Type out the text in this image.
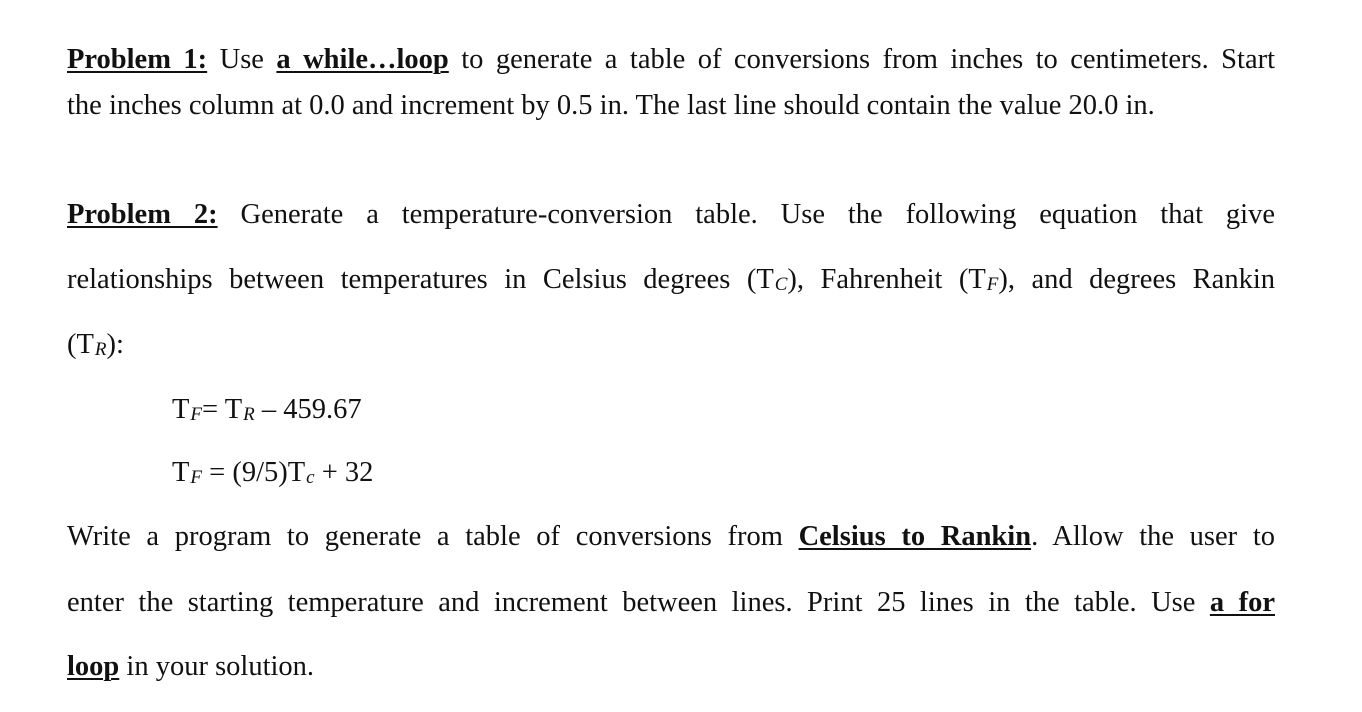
Problem 1: Use a while…loop to generate a table of conversions from inches to centimeters. Start
the inches column at 0.0 and increment by 0.5 in. The last line should contain the value 20.0 in.
Problem 2: Generate a temperature-conversion table. Use the following equation that give
relationships between temperatures in Celsius degrees (TC), Fahrenheit (TF), and degrees Rankin
(TR):
TF= TR – 459.67
TF = (9/5)Tc + 32
Write a program to generate a table of conversions from Celsius to Rankin. Allow the user to
enter the starting temperature and increment between lines. Print 25 lines in the table. Use a for
loop in your solution.
